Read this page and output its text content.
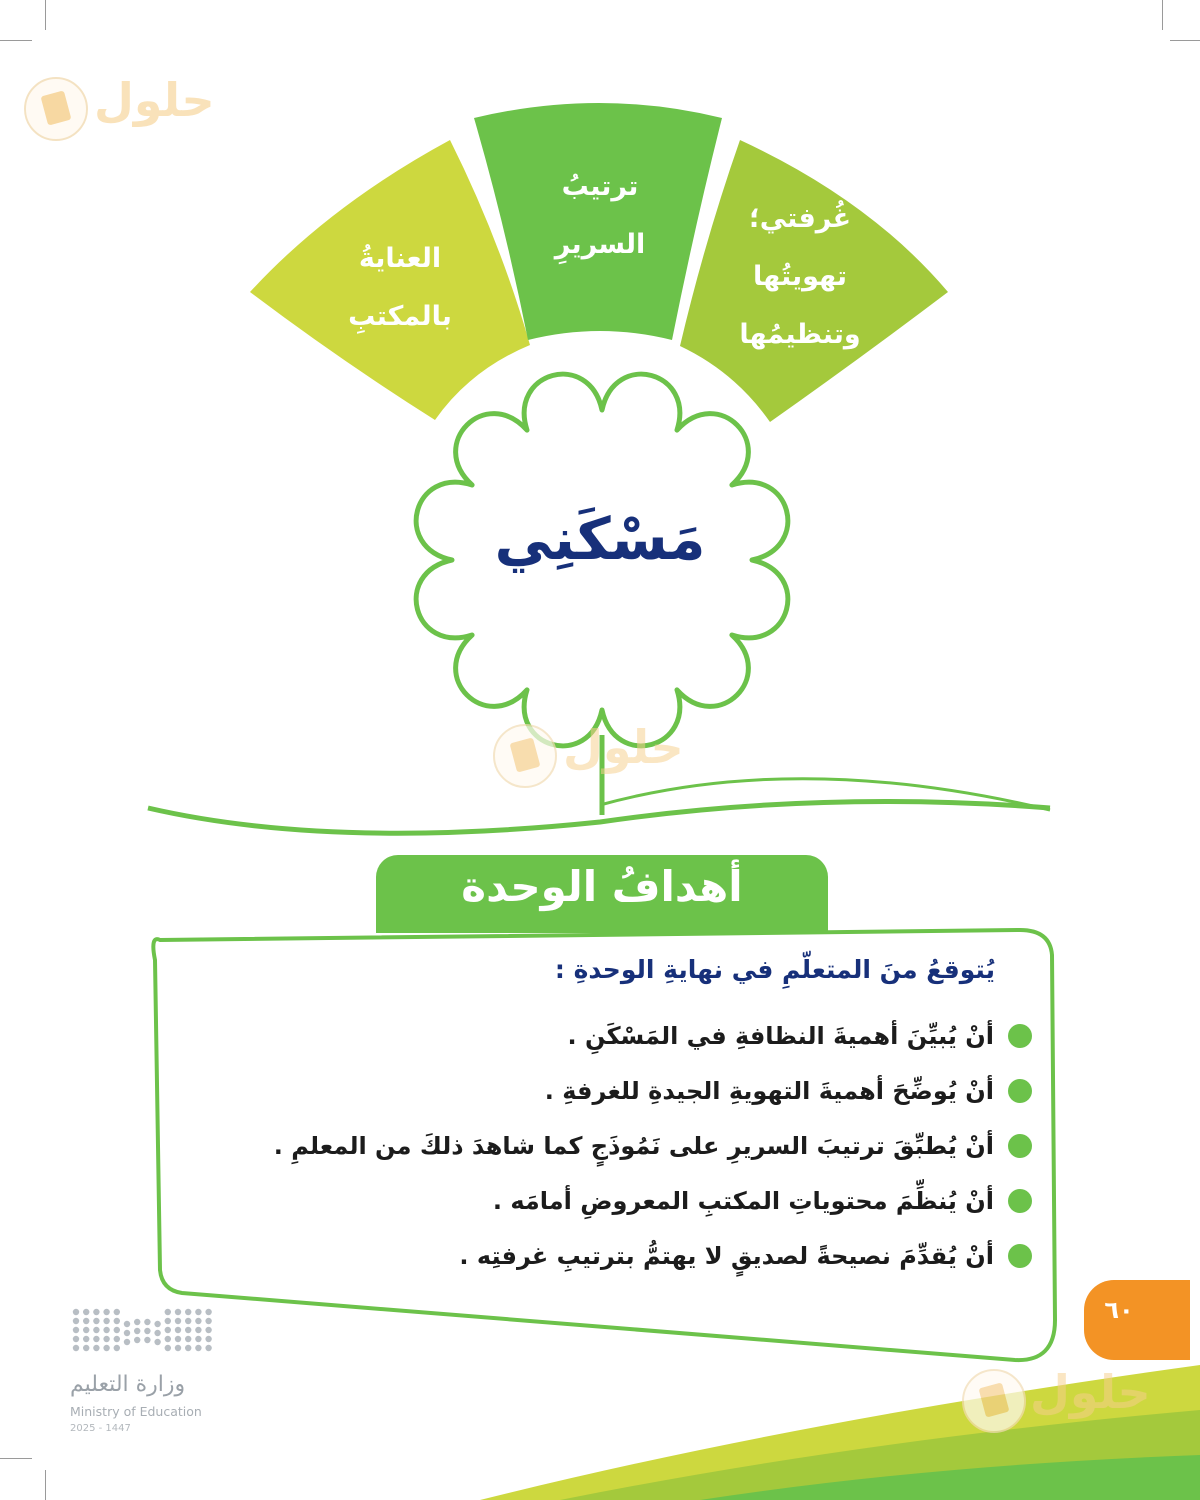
العنايةُ
بالمكتبِ
ترتيبُ
السريرِ
غُرفتي؛
تهويتُها
وتنظيمُها
مَسْكَنِي
أهدافُ الوحدة
يُتوقعُ منَ المتعلّمِ في نهايةِ الوحدةِ :
أنْ يُبيِّنَ أهميةَ النظافةِ في المَسْكَنِ .
أنْ يُوضِّحَ أهميةَ التهويةِ الجيدةِ للغرفةِ .
أنْ يُطبِّقَ ترتيبَ السريرِ على نَمُوذَجٍ كما شاهدَ ذلكَ من المعلمِ .
أنْ يُنظِّمَ محتوياتِ المكتبِ المعروضِ أمامَه .
أنْ يُقدِّمَ نصيحةً لصديقٍ لا يهتمُّ بترتيبِ غرفتِه .
٦٠
وزارة التعليم
Ministry of Education
2025 - 1447
حلول
حلول
حلول
